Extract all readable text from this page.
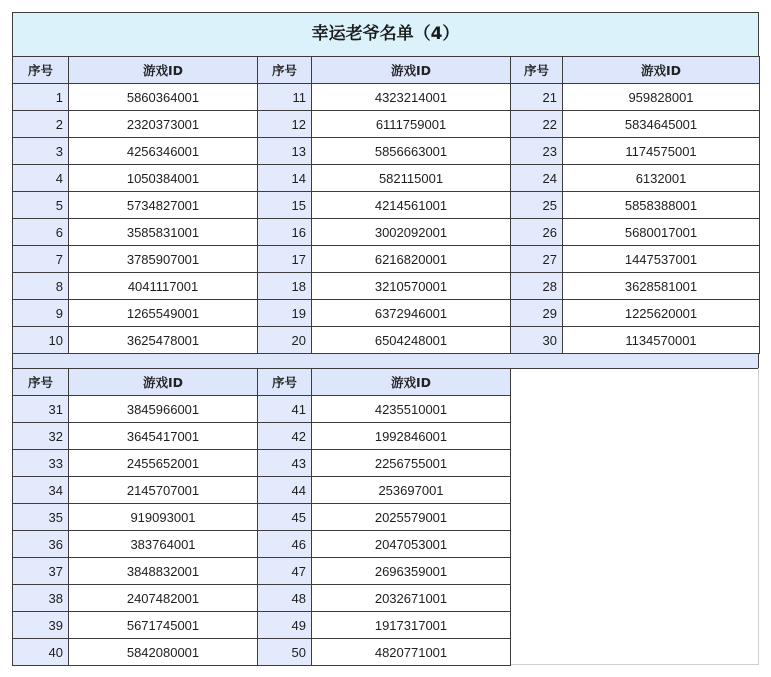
幸运老爷名单（4）
序号	游戏ID	序号	游戏ID	序号	游戏ID
1	5860364001	11	4323214001	21	959828001
2	2320373001	12	6111759001	22	5834645001
3	4256346001	13	5856663001	23	1174575001
4	1050384001	14	582115001	24	6132001
5	5734827001	15	4214561001	25	5858388001
6	3585831001	16	3002092001	26	5680017001
7	3785907001	17	6216820001	27	1447537001
8	4041117001	18	3210570001	28	3628581001
9	1265549001	19	6372946001	29	1225620001
10	3625478001	20	6504248001	30	1134570001
序号	游戏ID	序号	游戏ID
31	3845966001	41	4235510001
32	3645417001	42	1992846001
33	2455652001	43	2256755001
34	2145707001	44	253697001
35	919093001	45	2025579001
36	383764001	46	2047053001
37	3848832001	47	2696359001
38	2407482001	48	2032671001
39	5671745001	49	1917317001
40	5842080001	50	4820771001
